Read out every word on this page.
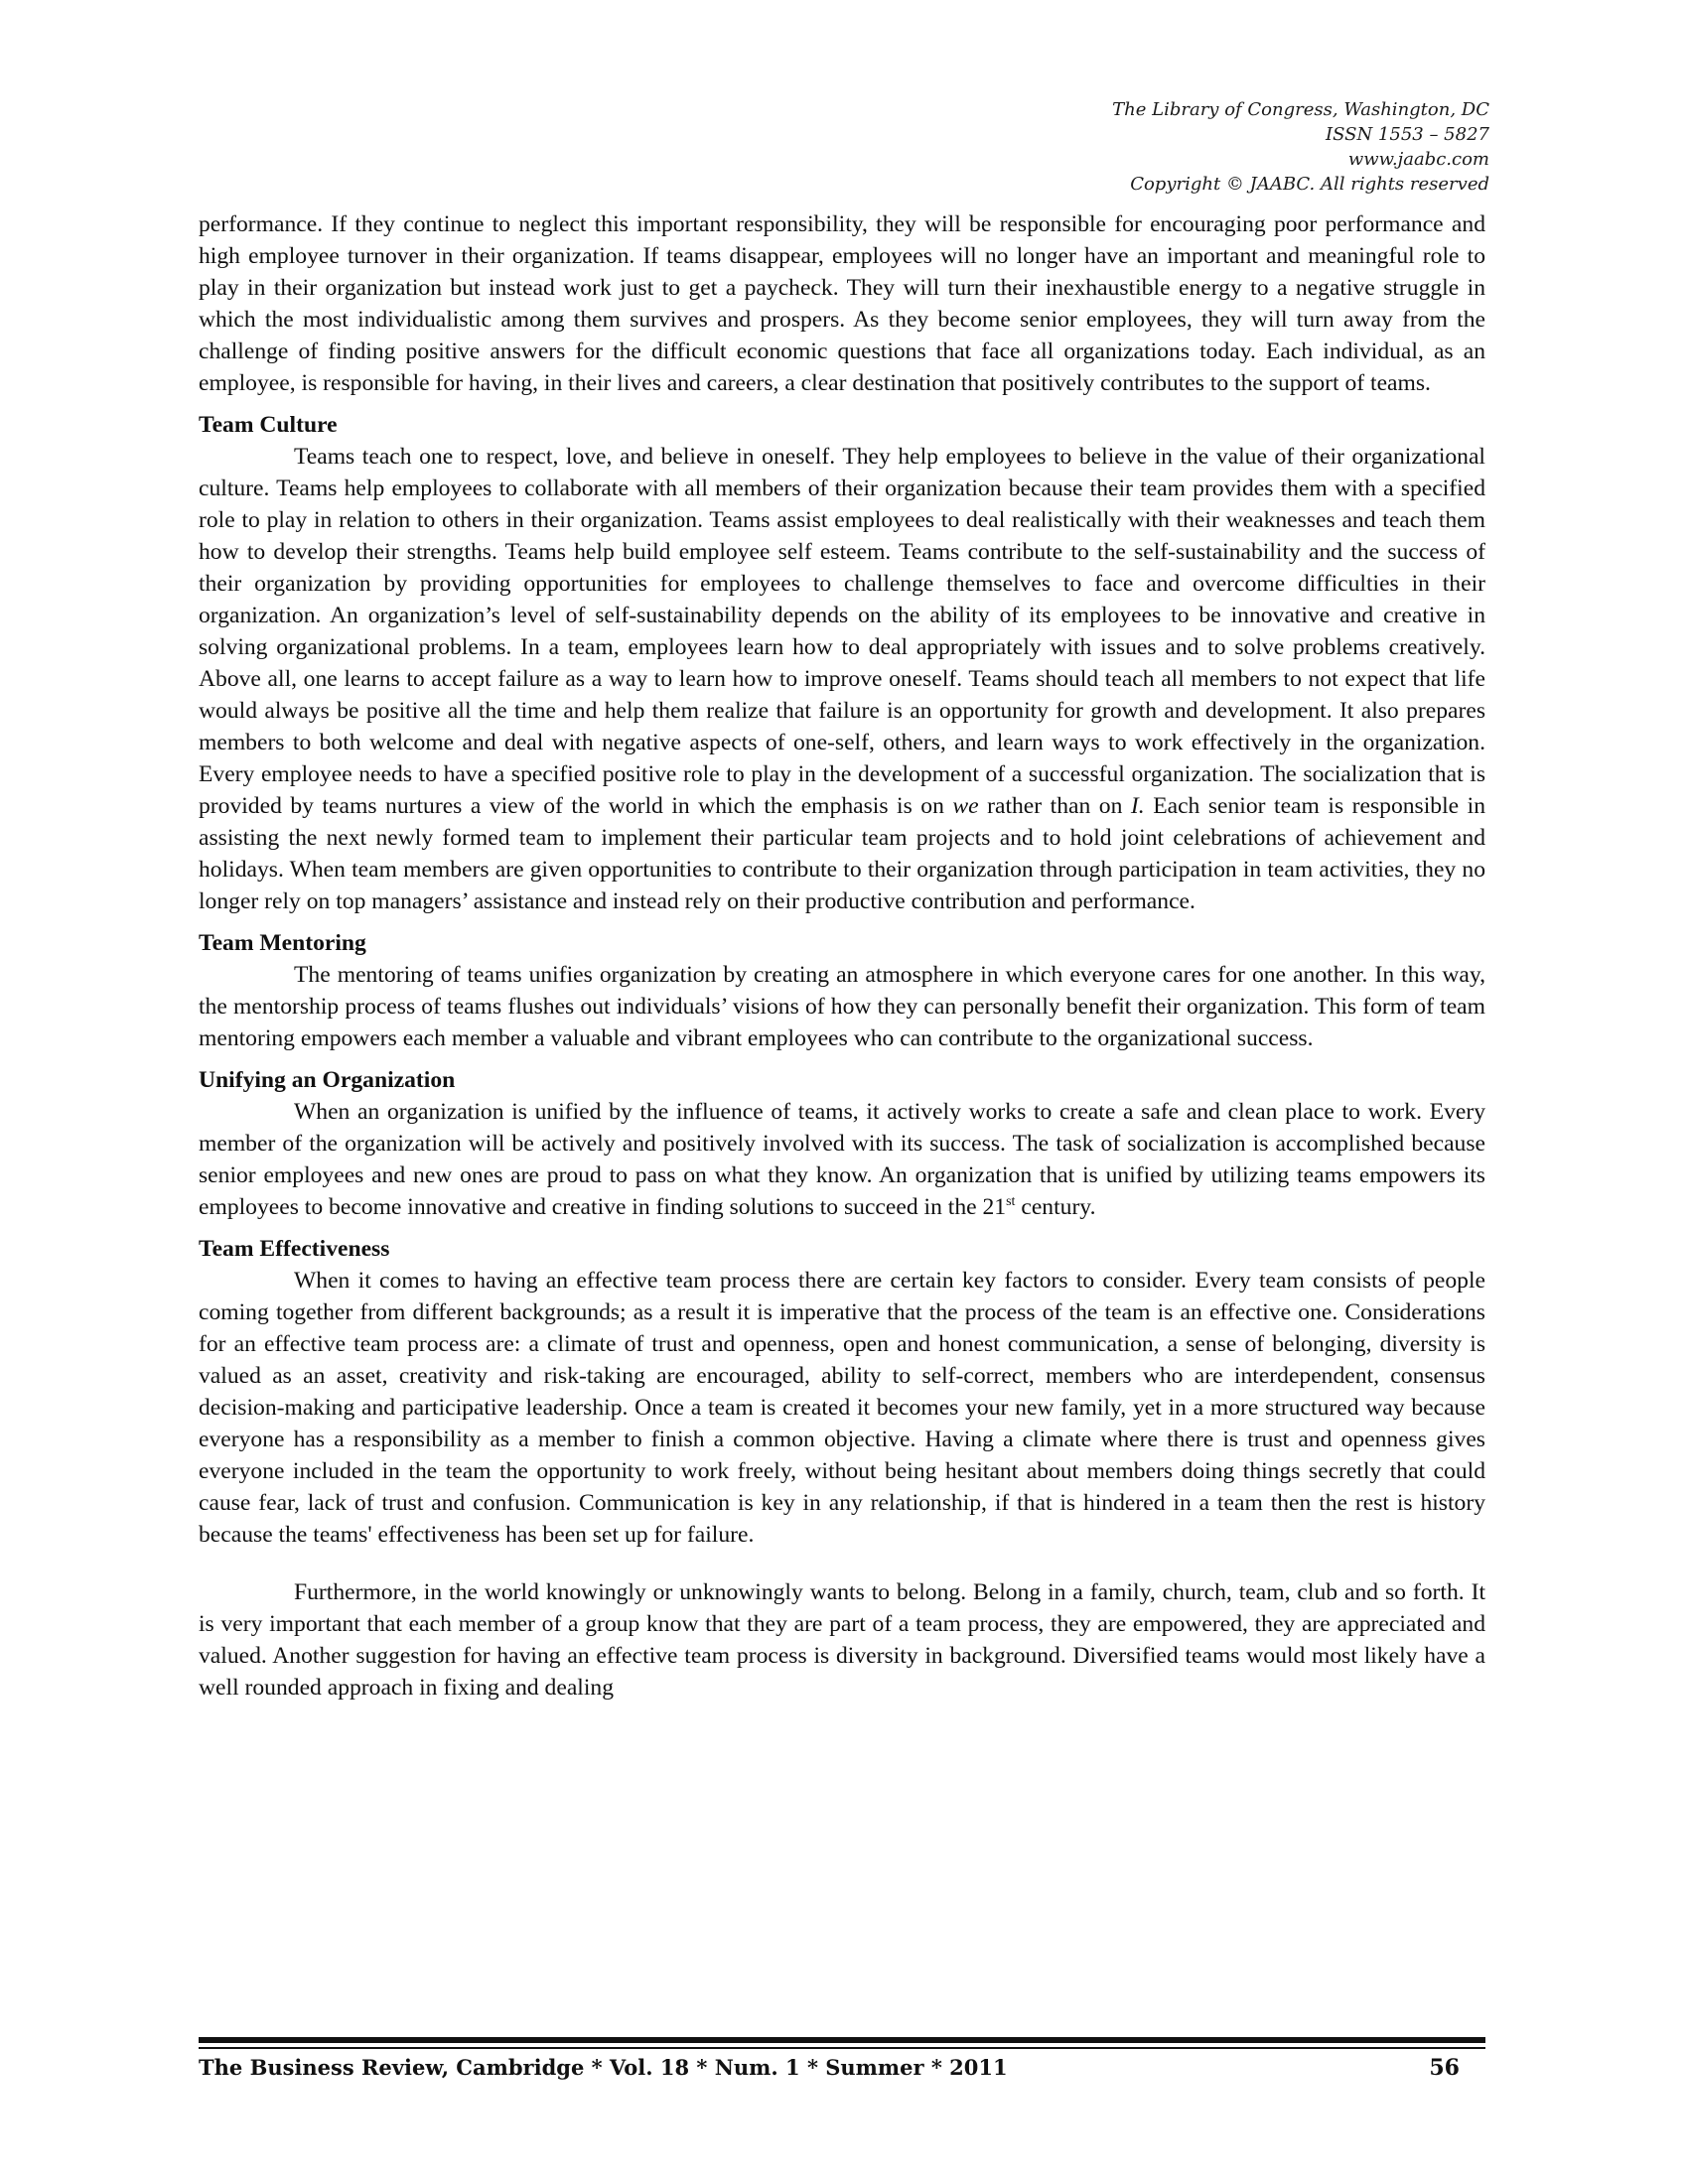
The Library of Congress, Washington, DC
ISSN 1553 – 5827
www.jaabc.com
Copyright © JAABC. All rights reserved

performance. If they continue to neglect this important responsibility, they will be responsible for encouraging poor performance and high employee turnover in their organization. If teams disappear, employees will no longer have an important and meaningful role to play in their organization but instead work just to get a paycheck. They will turn their inexhaustible energy to a negative struggle in which the most individualistic among them survives and prospers. As they become senior employees, they will turn away from the challenge of finding positive answers for the difficult economic questions that face all organizations today. Each individual, as an employee, is responsible for having, in their lives and careers, a clear destination that positively contributes to the support of teams.

Team Culture

Teams teach one to respect, love, and believe in oneself. They help employees to believe in the value of their organizational culture. Teams help employees to collaborate with all members of their organization because their team provides them with a specified role to play in relation to others in their organization. Teams assist employees to deal realistically with their weaknesses and teach them how to develop their strengths. Teams help build employee self esteem. Teams contribute to the self-sustainability and the success of their organization by providing opportunities for employees to challenge themselves to face and overcome difficulties in their organization. An organization’s level of self-sustainability depends on the ability of its employees to be innovative and creative in solving organizational problems. In a team, employees learn how to deal appropriately with issues and to solve problems creatively. Above all, one learns to accept failure as a way to learn how to improve oneself. Teams should teach all members to not expect that life would always be positive all the time and help them realize that failure is an opportunity for growth and development. It also prepares members to both welcome and deal with negative aspects of one-self, others, and learn ways to work effectively in the organization. Every employee needs to have a specified positive role to play in the development of a successful organization. The socialization that is provided by teams nurtures a view of the world in which the emphasis is on we rather than on I. Each senior team is responsible in assisting the next newly formed team to implement their particular team projects and to hold joint celebrations of achievement and holidays. When team members are given opportunities to contribute to their organization through participation in team activities, they no longer rely on top managers’ assistance and instead rely on their productive contribution and performance.

Team Mentoring

The mentoring of teams unifies organization by creating an atmosphere in which everyone cares for one another. In this way, the mentorship process of teams flushes out individuals’ visions of how they can personally benefit their organization. This form of team mentoring empowers each member a valuable and vibrant employees who can contribute to the organizational success.

Unifying an Organization

When an organization is unified by the influence of teams, it actively works to create a safe and clean place to work. Every member of the organization will be actively and positively involved with its success. The task of socialization is accomplished because senior employees and new ones are proud to pass on what they know. An organization that is unified by utilizing teams empowers its employees to become innovative and creative in finding solutions to succeed in the 21st century.

Team Effectiveness

When it comes to having an effective team process there are certain key factors to consider. Every team consists of people coming together from different backgrounds; as a result it is imperative that the process of the team is an effective one. Considerations for an effective team process are: a climate of trust and openness, open and honest communication, a sense of belonging, diversity is valued as an asset, creativity and risk-taking are encouraged, ability to self-correct, members who are interdependent, consensus decision-making and participative leadership. Once a team is created it becomes your new family, yet in a more structured way because everyone has a responsibility as a member to finish a common objective. Having a climate where there is trust and openness gives everyone included in the team the opportunity to work freely, without being hesitant about members doing things secretly that could cause fear, lack of trust and confusion. Communication is key in any relationship, if that is hindered in a team then the rest is history because the teams' effectiveness has been set up for failure.

Furthermore, in the world knowingly or unknowingly wants to belong. Belong in a family, church, team, club and so forth. It is very important that each member of a group know that they are part of a team process, they are empowered, they are appreciated and valued. Another suggestion for having an effective team process is diversity in background. Diversified teams would most likely have a well rounded approach in fixing and dealing

The Business Review, Cambridge * Vol. 18 * Num. 1 * Summer * 2011	56
